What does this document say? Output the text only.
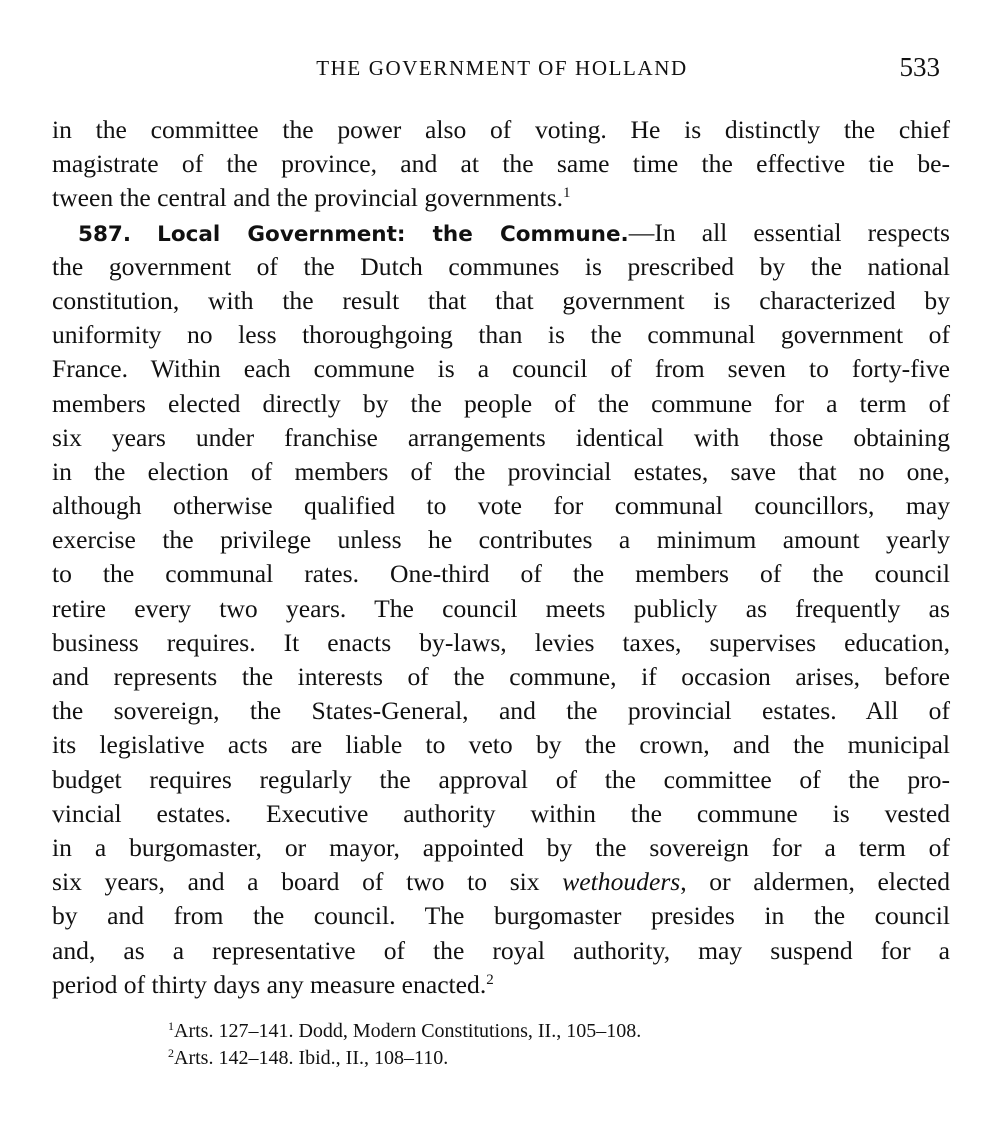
THE GOVERNMENT OF HOLLAND	533
in the committee the power also of voting. He is distinctly the chief
magistrate of the province, and at the same time the effective tie be-
tween the central and the provincial governments.$^1$
587. Local Government: the Commune.—In all essential respects
the government of the Dutch communes is prescribed by the national
constitution, with the result that that government is characterized by
uniformity no less thoroughgoing than is the communal government of
France. Within each commune is a council of from seven to forty-five
members elected directly by the people of the commune for a term of
six years under franchise arrangements identical with those obtaining
in the election of members of the provincial estates, save that no one,
although otherwise qualified to vote for communal councillors, may
exercise the privilege unless he contributes a minimum amount yearly
to the communal rates. One-third of the members of the council
retire every two years. The council meets publicly as frequently as
business requires. It enacts by-laws, levies taxes, supervises education,
and represents the interests of the commune, if occasion arises, before
the sovereign, the States-General, and the provincial estates. All of
its legislative acts are liable to veto by the crown, and the municipal
budget requires regularly the approval of the committee of the pro-
vincial estates. Executive authority within the commune is vested
in a burgomaster, or mayor, appointed by the sovereign for a term of
six years, and a board of two to six wethouders, or aldermen, elected
by and from the council. The burgomaster presides in the council
and, as a representative of the royal authority, may suspend for a
period of thirty days any measure enacted.$^2$
$^1$Arts. 127–141. Dodd, Modern Constitutions, II., 105–108.
$^2$Arts. 142–148. Ibid., II., 108–110.
